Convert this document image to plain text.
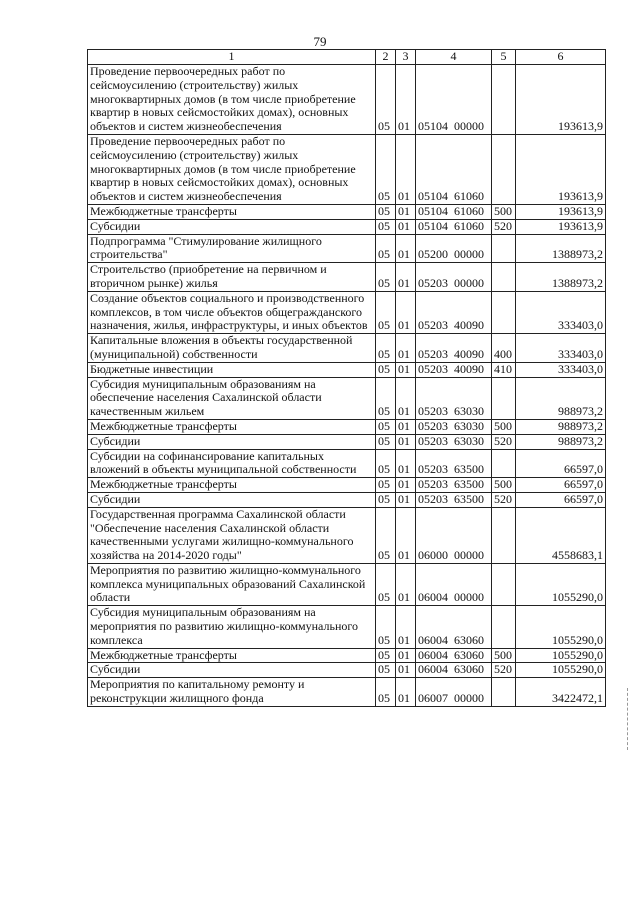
79
1	2	3	4	5	6
Проведение первоочередных работ по сейсмоусилению (строительству) жилых многоквартирных домов (в том числе приобретение квартир в новых сейсмостойких домах), основных объектов и систем жизнеобеспечения	05	01	05104  00000		193613,9
Проведение первоочередных работ по сейсмоусилению (строительству) жилых многоквартирных домов (в том числе приобретение квартир в новых сейсмостойких домах), основных объектов и систем жизнеобеспечения	05	01	05104  61060		193613,9
Межбюджетные трансферты	05	01	05104  61060	500	193613,9
Субсидии	05	01	05104  61060	520	193613,9
Подпрограмма "Стимулирование жилищного строительства"	05	01	05200  00000		1388973,2
Строительство (приобретение на первичном и вторичном рынке) жилья	05	01	05203  00000		1388973,2
Создание объектов социального и производственного комплексов, в том числе объектов общегражданского назначения, жилья, инфраструктуры, и иных объектов	05	01	05203  40090		333403,0
Капитальные вложения в объекты государственной (муниципальной) собственности	05	01	05203  40090	400	333403,0
Бюджетные инвестиции	05	01	05203  40090	410	333403,0
Субсидия муниципальным образованиям на обеспечение населения Сахалинской области качественным жильем	05	01	05203  63030		988973,2
Межбюджетные трансферты	05	01	05203  63030	500	988973,2
Субсидии	05	01	05203  63030	520	988973,2
Субсидии на софинансирование капитальных вложений в объекты муниципальной собственности	05	01	05203  63500		66597,0
Межбюджетные трансферты	05	01	05203  63500	500	66597,0
Субсидии	05	01	05203  63500	520	66597,0
Государственная программа Сахалинской области "Обеспечение населения Сахалинской области качественными услугами жилищно-коммунального хозяйства на 2014-2020 годы"	05	01	06000  00000		4558683,1
Мероприятия по развитию жилищно-коммунального комплекса муниципальных образований Сахалинской области	05	01	06004  00000		1055290,0
Субсидия муниципальным образованиям на мероприятия по развитию жилищно-коммунального комплекса	05	01	06004  63060		1055290,0
Межбюджетные трансферты	05	01	06004  63060	500	1055290,0
Субсидии	05	01	06004  63060	520	1055290,0
Мероприятия по капитальному ремонту и реконструкции жилищного фонда	05	01	06007  00000		3422472,1
